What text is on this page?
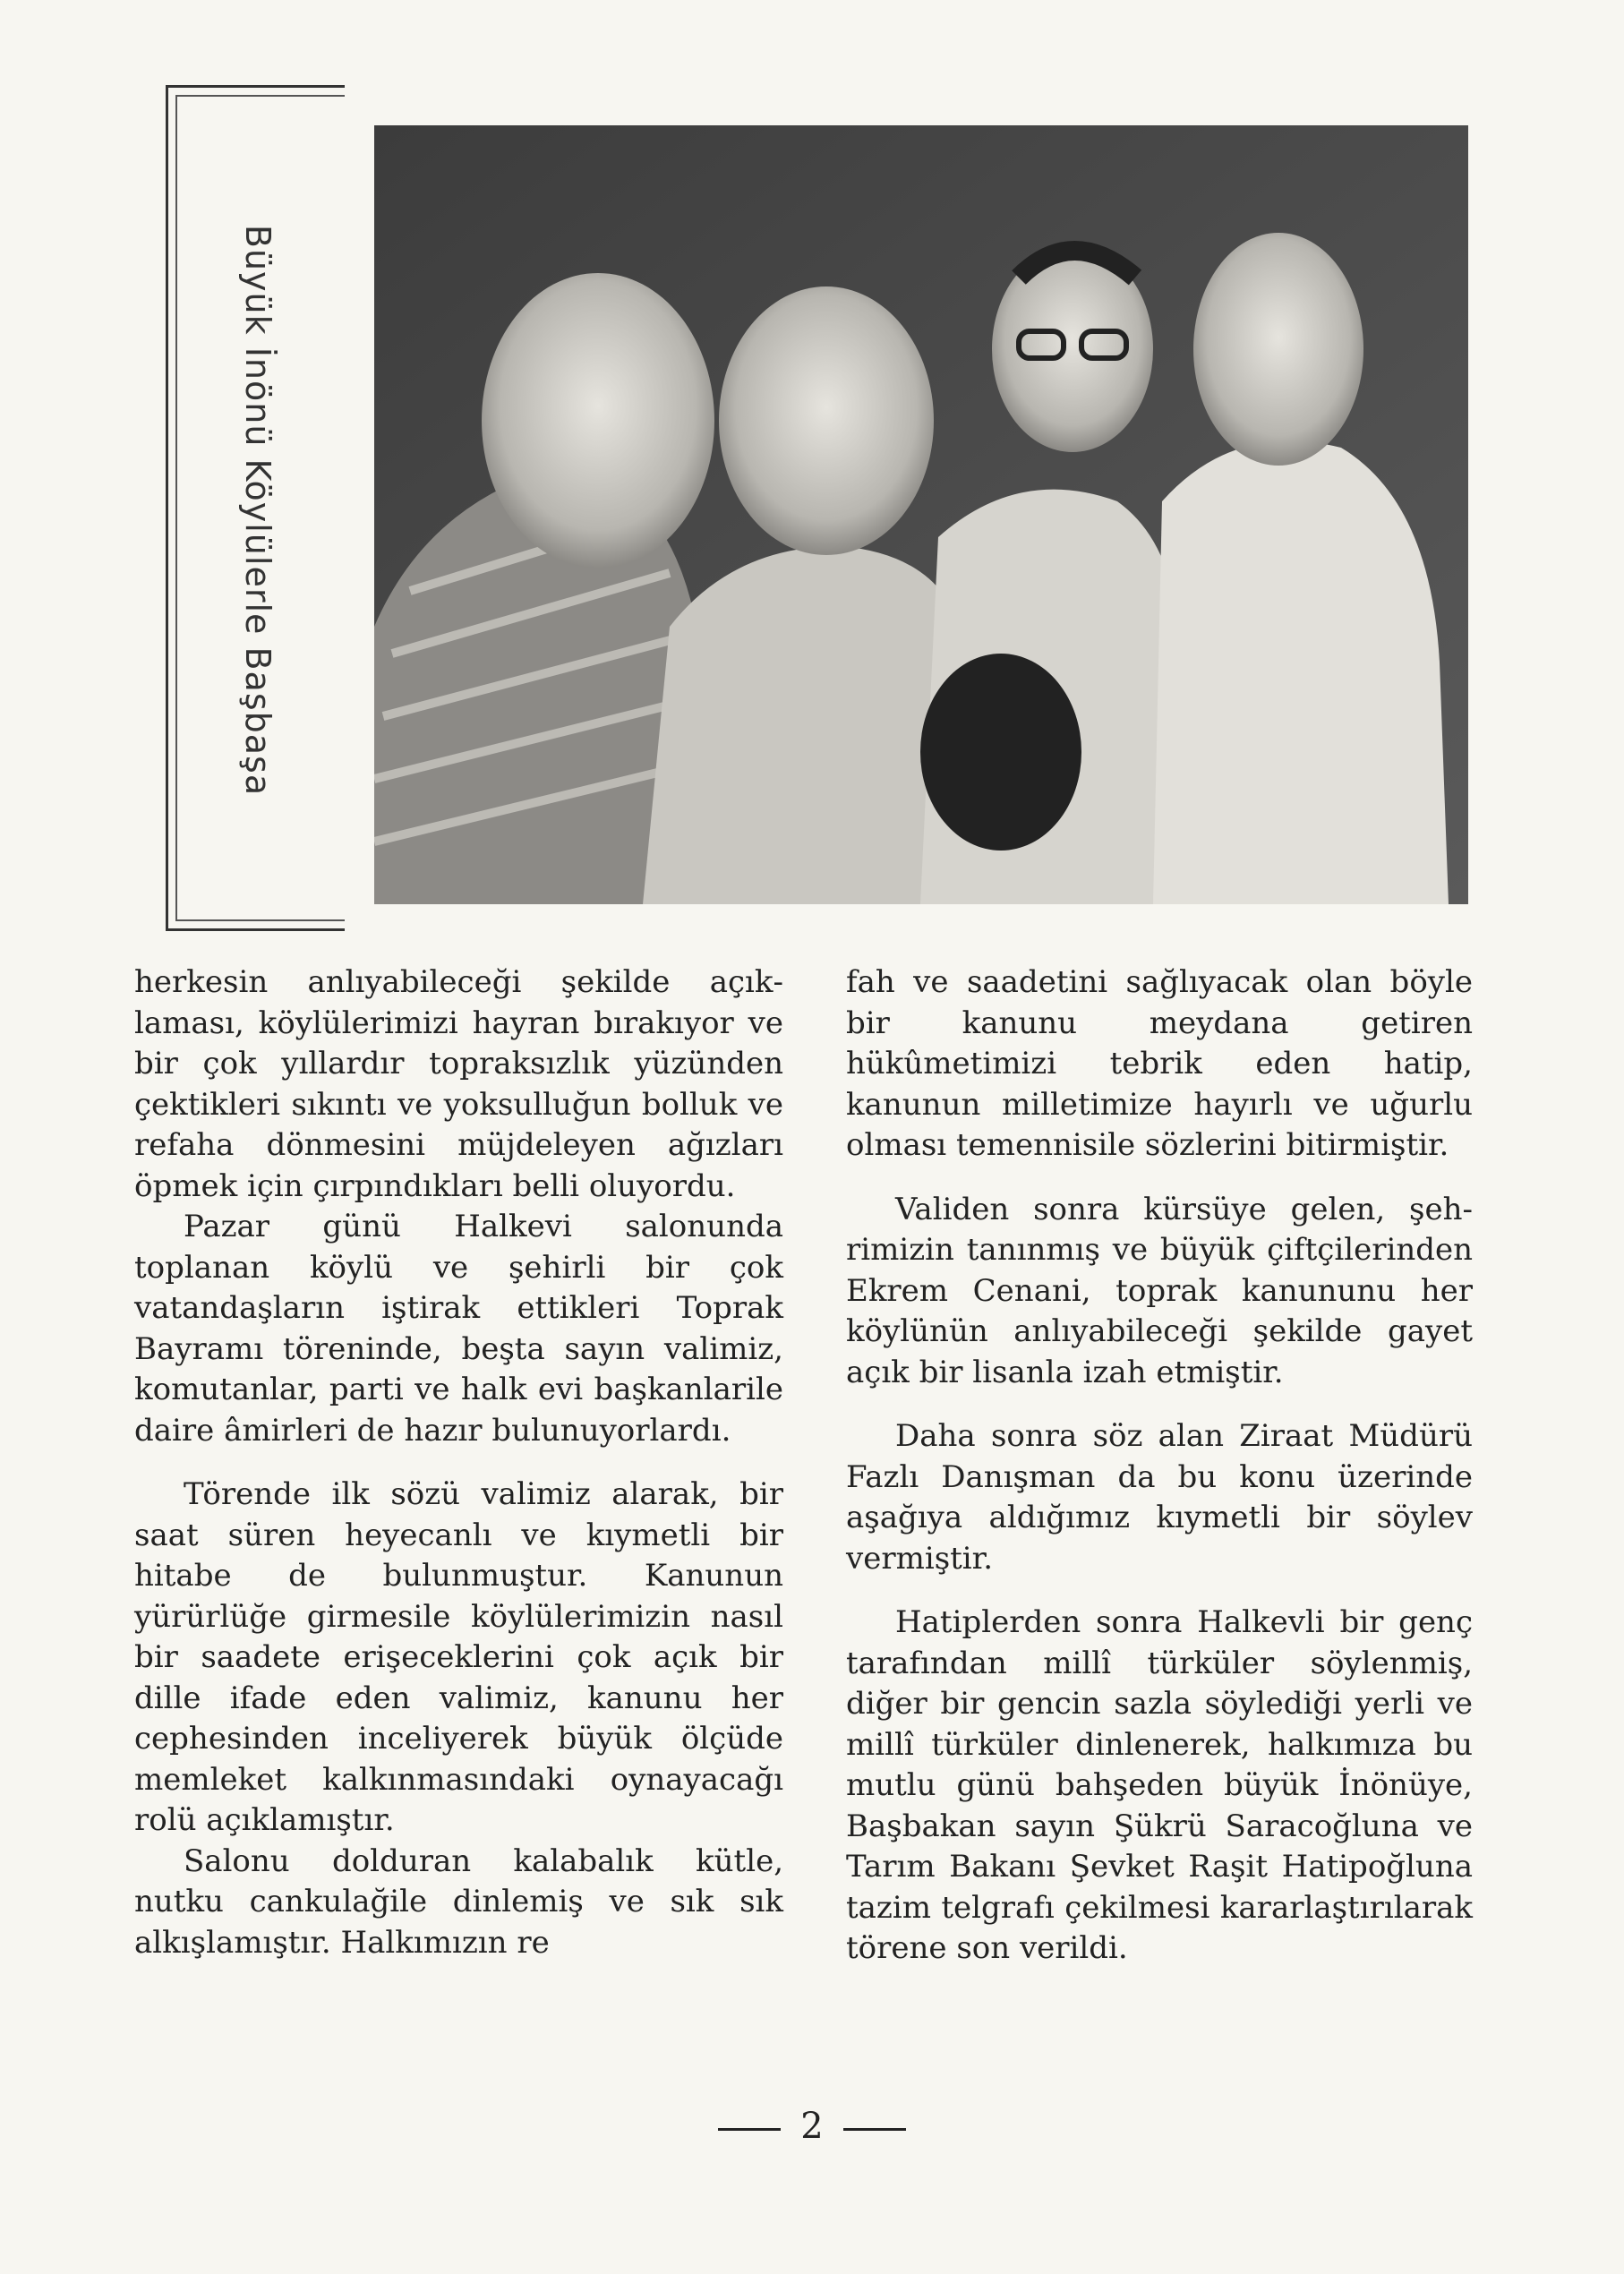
Büyük İnönü Köylülerle Başbaşa

herkesin anlıyabileceği şekilde açıklaması, köylülerimizi hayran bırakıyor ve bir çok yıllardır topraksızlık yüzünden çektikleri sıkıntı ve yoksulluğun bolluk ve refaha dönmesini müjdeleyen ağızları öpmek için çırpındıkları belli oluyordu.

Pazar günü Halkevi salonunda toplanan köylü ve şehirli bir çok vatandaşların iştirak ettikleri Toprak Bayramı töreninde, beşta sayın valimiz, komutanlar, parti ve halk evi başkanlarile daire âmirleri de hazır bulunuyorlardı.

Törende ilk sözü valimiz alarak, bir saat süren heyecanlı ve kıymetli bir hitabe de bulunmuştur. Kanunun yürürlüğe girmesile köylülerimizin nasıl bir saadete erişeceklerini çok açık bir dille ifade eden valimiz, kanunu her cephesinden inceliyerek büyük ölçüde memleket kalkınmasındaki oynayacağı rolü açıklamıştır.

Salonu dolduran kalabalık kütle, nutku cankulağile dinlemiş ve sık sık alkışlamıştır. Halkımızın re

fah ve saadetini sağlıyacak olan böyle bir kanunu meydana getiren hükûmetimizi tebrik eden hatip, kanunun milletimize hayırlı ve uğurlu olması temennisile sözlerini bitirmiştir.

Validen sonra kürsüye gelen, şehrimizin tanınmış ve büyük çiftçilerinden Ekrem Cenani, toprak kanununu her köylünün anlıyabileceği şekilde gayet açık bir lisanla izah etmiştir.

Daha sonra söz alan Ziraat Müdürü Fazlı Danışman da bu konu üzerinde aşağıya aldığımız kıymetli bir söylev vermiştir.

Hatiplerden sonra Halkevli bir genç tarafından millî türküler söylenmiş, diğer bir gencin sazla söylediği yerli ve millî türküler dinlenerek, halkımıza bu mutlu günü bahşeden büyük İnönüye, Başbakan sayın Şükrü Saracoğluna ve Tarım Bakanı Şevket Raşit Hatipoğluna tazim telgrafı çekilmesi kararlaştırılarak törene son verildi.

2
